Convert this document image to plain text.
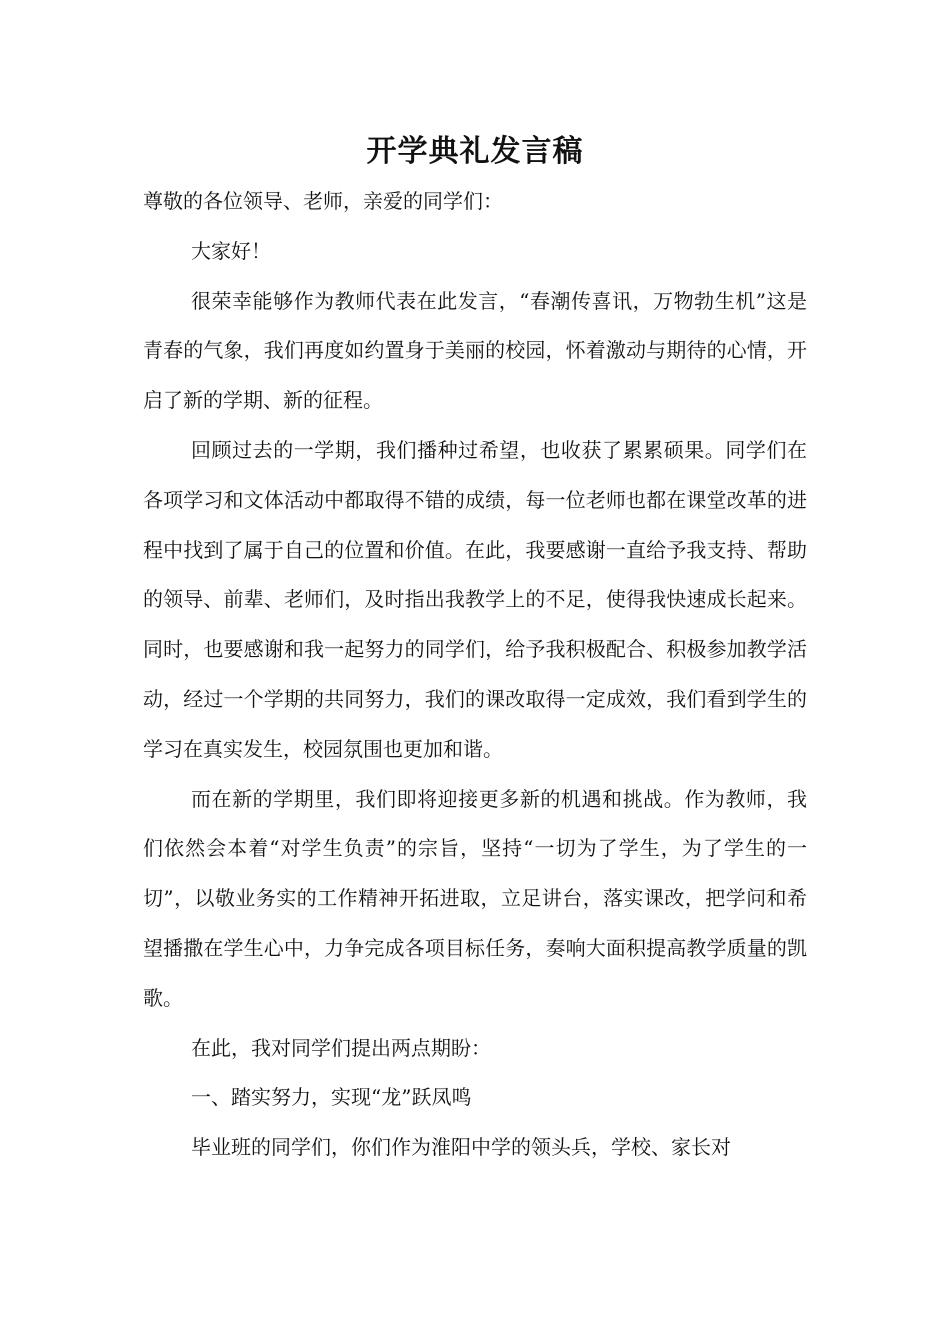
开学典礼发言稿

尊敬的各位领导、老师，亲爱的同学们：

大家好！

很荣幸能够作为教师代表在此发言，“春潮传喜讯，万物勃生机”这是青春的气象，我们再度如约置身于美丽的校园，怀着激动与期待的心情，开启了新的学期、新的征程。

回顾过去的一学期，我们播种过希望，也收获了累累硕果。同学们在各项学习和文体活动中都取得不错的成绩，每一位老师也都在课堂改革的进程中找到了属于自己的位置和价值。在此，我要感谢一直给予我支持、帮助的领导、前辈、老师们，及时指出我教学上的不足，使得我快速成长起来。同时，也要感谢和我一起努力的同学们，给予我积极配合、积极参加教学活动，经过一个学期的共同努力，我们的课改取得一定成效，我们看到学生的学习在真实发生，校园氛围也更加和谐。

而在新的学期里，我们即将迎接更多新的机遇和挑战。作为教师，我们依然会本着“对学生负责”的宗旨，坚持“一切为了学生，为了学生的一切”，以敬业务实的工作精神开拓进取，立足讲台，落实课改，把学问和希望播撒在学生心中，力争完成各项目标任务，奏响大面积提高教学质量的凯歌。

在此，我对同学们提出两点期盼：

一、踏实努力，实现“龙”跃凤鸣

毕业班的同学们，你们作为淮阳中学的领头兵，学校、家长对
